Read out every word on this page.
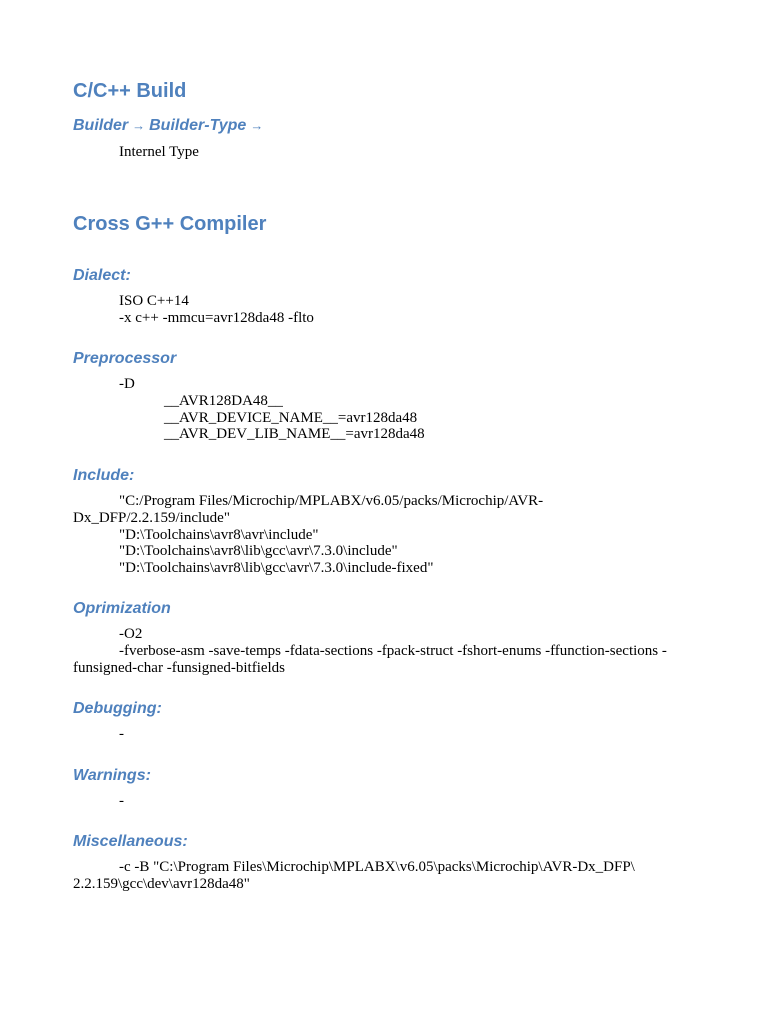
C/C++ Build
Builder → Builder-Type →
Internel Type
Cross G++ Compiler
Dialect:
ISO C++14
-x c++ -mmcu=avr128da48 -flto
Preprocessor
-D
__AVR128DA48__
__AVR_DEVICE_NAME__=avr128da48
__AVR_DEV_LIB_NAME__=avr128da48
Include:
"C:/Program Files/Microchip/MPLABX/v6.05/packs/Microchip/AVR-Dx_DFP/2.2.159/include"
"D:\Toolchains\avr8\avr\include"
"D:\Toolchains\avr8\lib\gcc\avr\7.3.0\include"
"D:\Toolchains\avr8\lib\gcc\avr\7.3.0\include-fixed"
Oprimization
-O2
-fverbose-asm -save-temps -fdata-sections -fpack-struct -fshort-enums -ffunction-sections -funsigned-char -funsigned-bitfields
Debugging:
-
Warnings:
-
Miscellaneous:
-c -B "C:\Program Files\Microchip\MPLABX\v6.05\packs\Microchip\AVR-Dx_DFP\ 2.2.159\gcc\dev\avr128da48"
